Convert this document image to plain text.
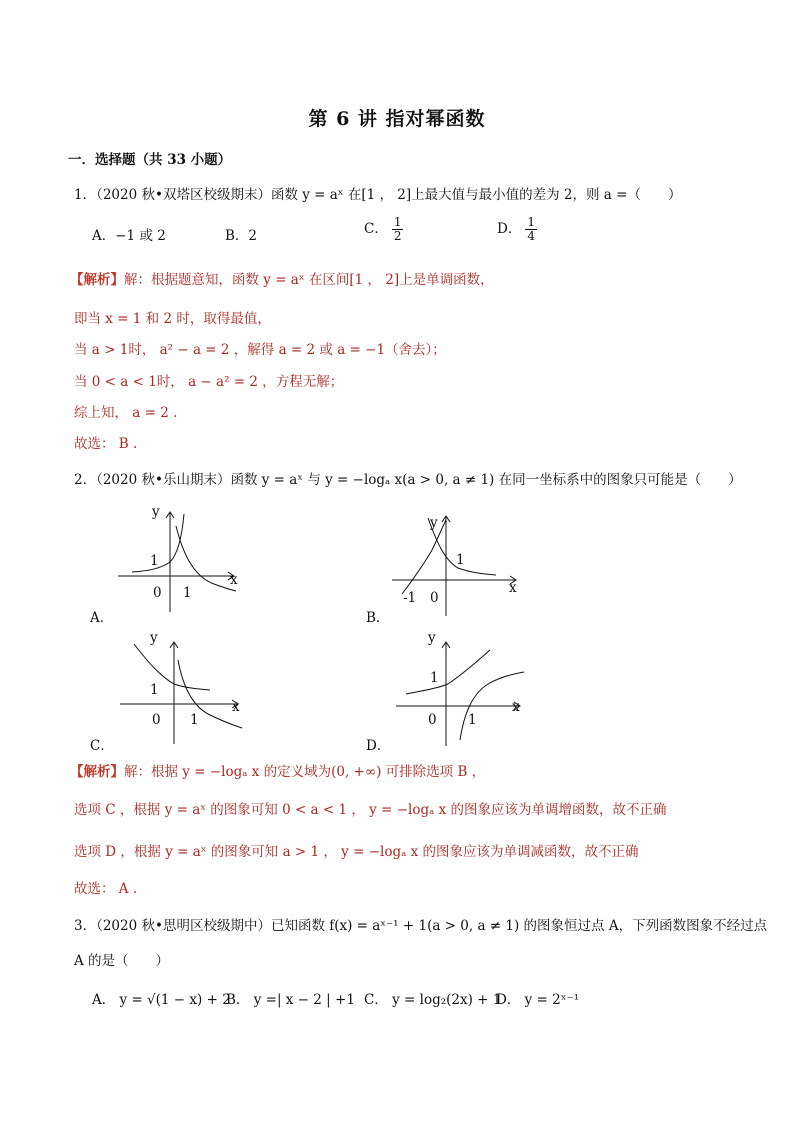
第 6 讲 指对幂函数
一．选择题（共 33 小题）
1．（2020 秋•双塔区校级期末）函数 y = aˣ 在[1 ， 2]上最大值与最小值的差为 2，则 a =（　　）
A．−1 或 2	B．2	C． $\frac{1}{2}$	D． $\frac{1}{4}$
【解析】解：根据题意知，函数 y = aˣ 在区间[1 ， 2]上是单调函数，
即当 x = 1 和 2 时，取得最值，
当 a > 1时， a² − a = 2 ，解得 a = 2 或 a = −1（舍去）；
当 0 < a < 1时， a − a² = 2 ，方程无解；
综上知， a = 2 .
故选： B .
2．（2020 秋•乐山期末）函数 y = aˣ 与 y = −logₐ x(a > 0, a ≠ 1) 在同一坐标系中的图象只可能是（　　）
y
x
1
0 1
A．
y
x
1
0
-1
B．
y
x
1
0 1
C．
y
x
1
0 1
D．
【解析】解：根据 y = −logₐ x 的定义域为(0, +∞) 可排除选项 B ，
选项 C ，根据 y = aˣ 的图象可知 0 < a < 1 ， y = −logₐ x 的图象应该为单调增函数，故不正确
选项 D ，根据 y = aˣ 的图象可知 a > 1 ， y = −logₐ x 的图象应该为单调减函数，故不正确
故选： A .
3．（2020 秋•思明区校级期中）已知函数 f(x) = aˣ⁻¹ + 1(a > 0, a ≠ 1) 的图象恒过点 A，下列函数图象不经过点
A 的是（　　）
A． y = √(1 − x) + 2
B． y =| x − 2 | +1 C． y = log₂(2x) + 1
D． y = 2ˣ⁻¹
